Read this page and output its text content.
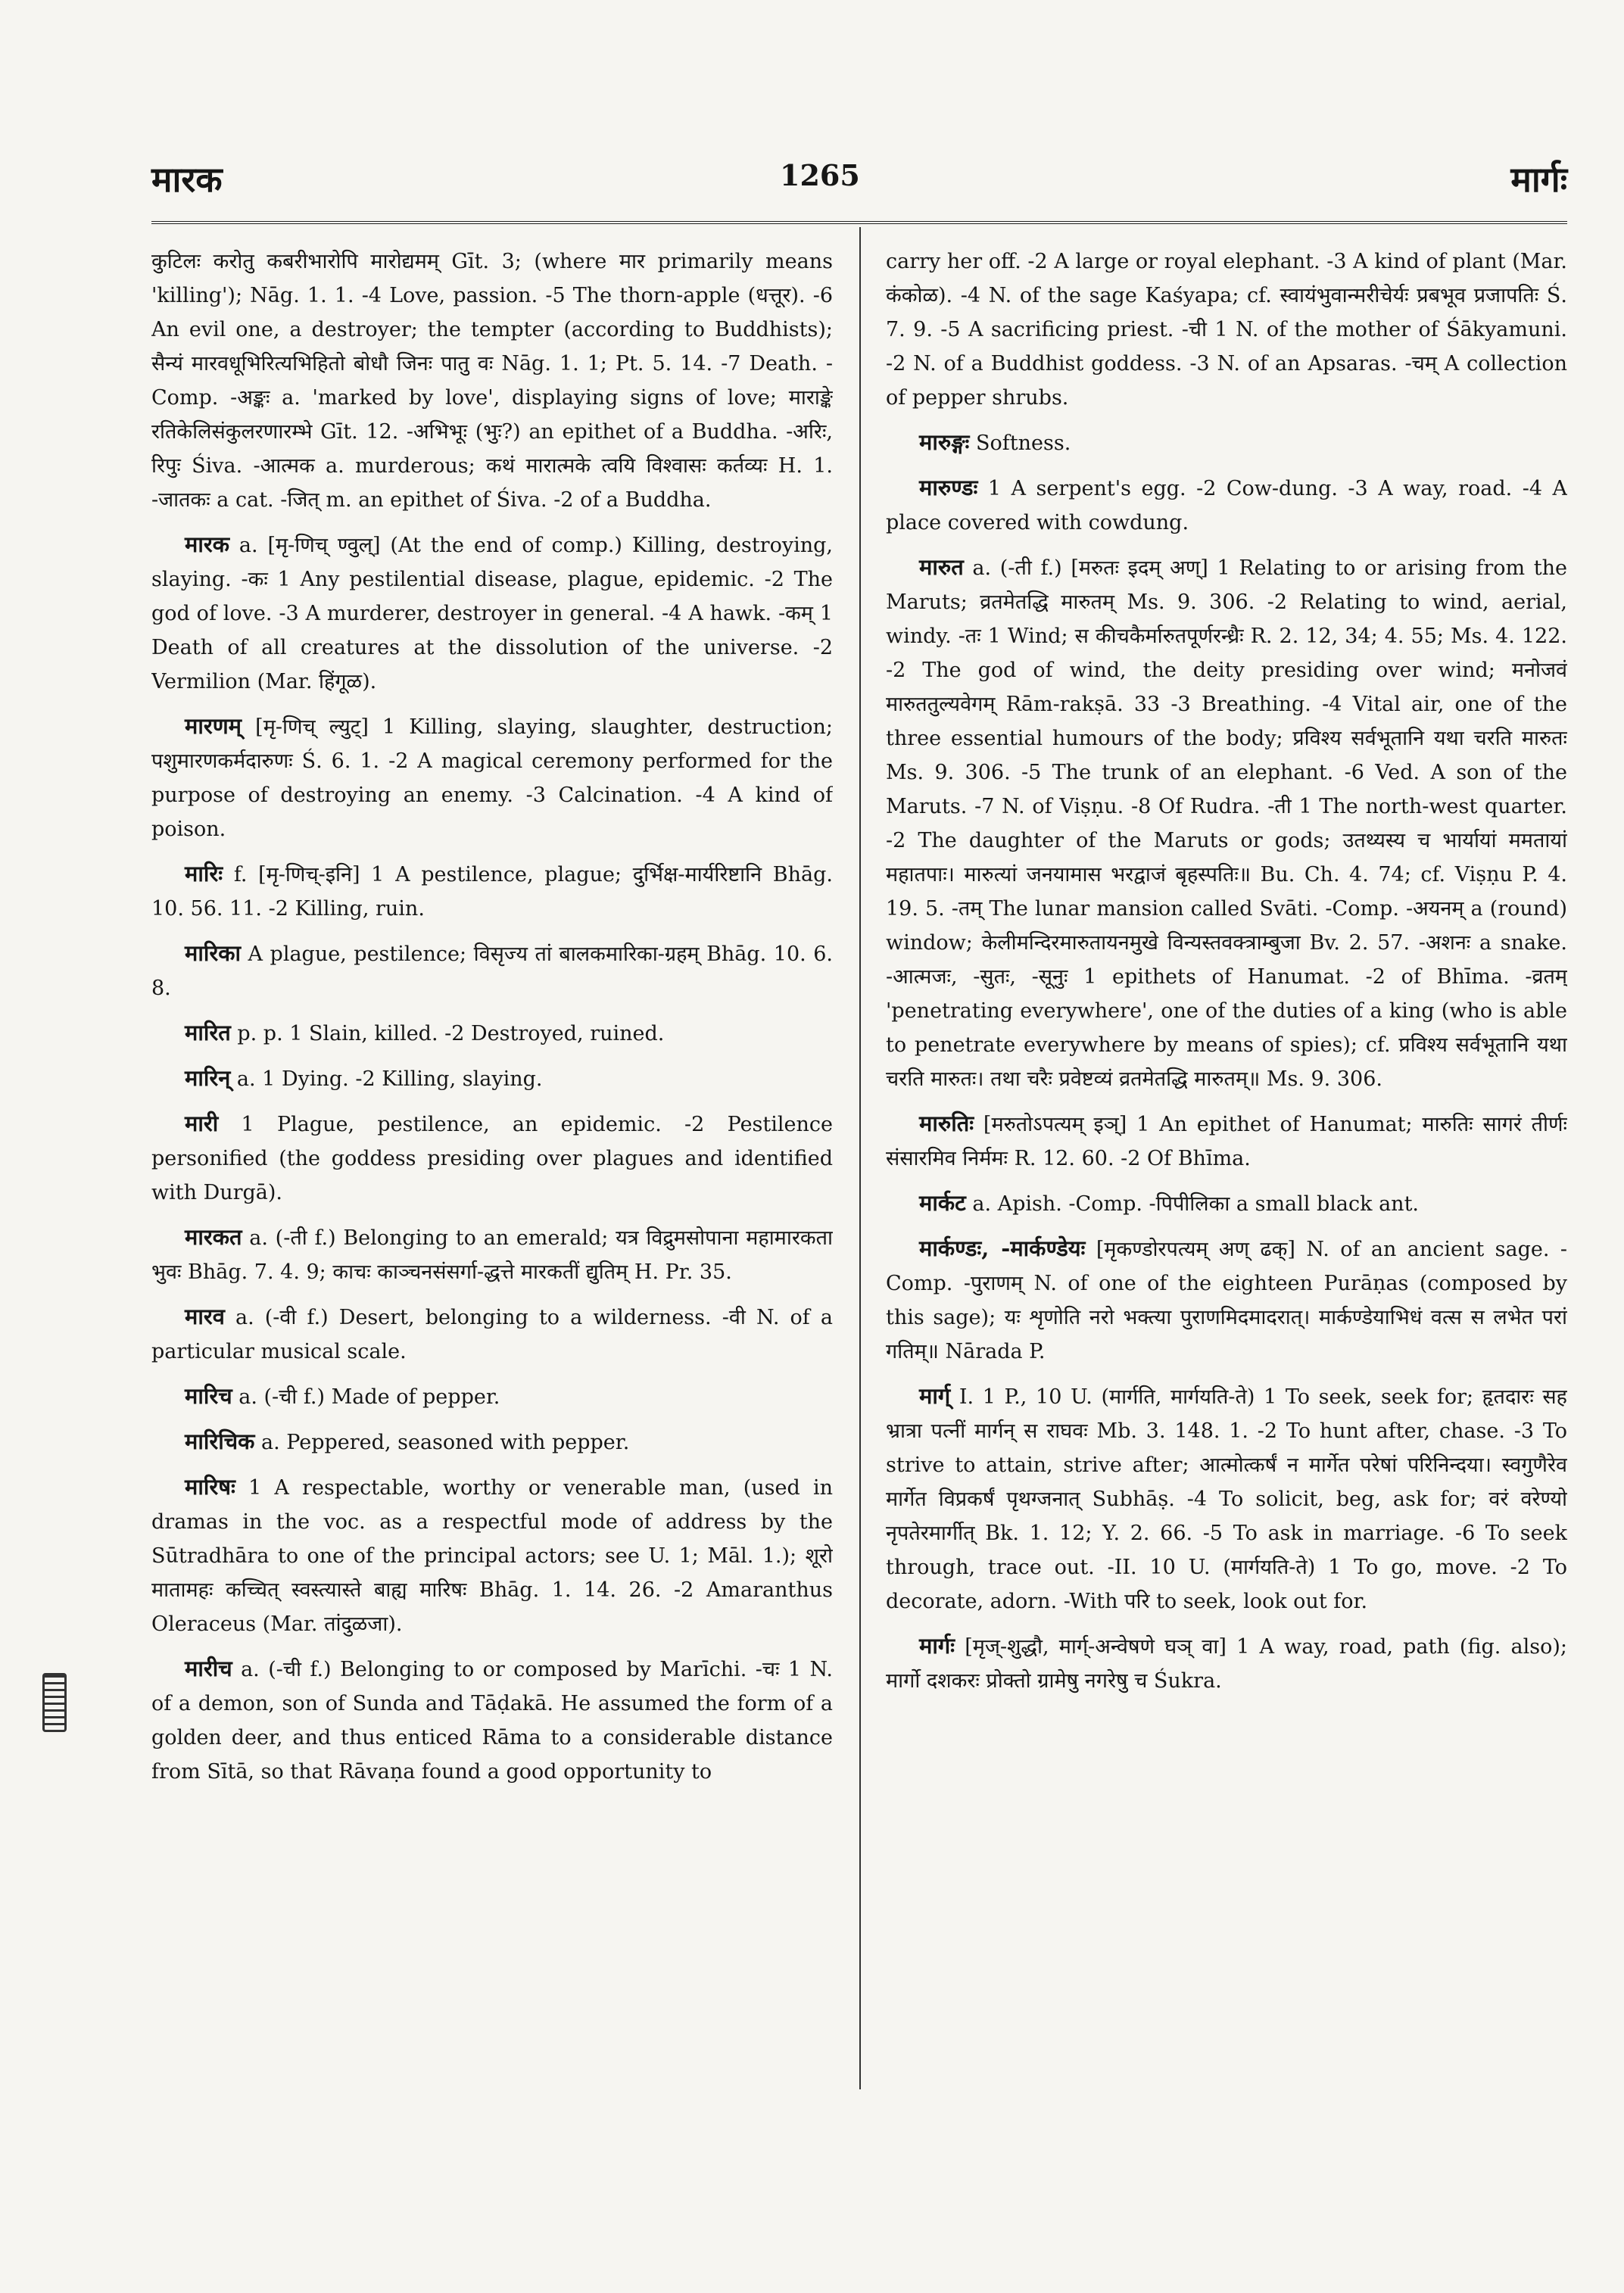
मारक	1265	मार्गः

कुटिलः करोतु कबरीभारोपि मारोद्यमम् Gīt. 3; (where मार primarily means 'killing'); Nāg. 1. 1. -4 Love, passion. -5 The thorn-apple (धत्तूर). -6 An evil one, a destroyer; the tempter (according to Buddhists); सैन्यं मारवधूभिरित्यभिहितो बोधौ जिनः पातु वः Nāg. 1. 1; Pt. 5. 14. -7 Death. -Comp. -अङ्कः a. 'marked by love', displaying signs of love; माराङ्के रतिकेलिसंकुलरणारम्भे Gīt. 12. -अभिभूः (भुः?) an epithet of a Buddha. -अरिः, रिपुः Śiva. -आत्मक a. murderous; कथं मारात्मके त्वयि विश्वासः कर्तव्यः H. 1. -जातकः a cat. -जित् m. an epithet of Śiva. -2 of a Buddha.

मारक a. [मृ-णिच् ण्वुल्] (At the end of comp.) Killing, destroying, slaying. -कः 1 Any pestilential disease, plague, epidemic. -2 The god of love. -3 A murderer, destroyer in general. -4 A hawk. -कम् 1 Death of all creatures at the dissolution of the universe. -2 Vermilion (Mar. हिंगूळ).

मारणम् [मृ-णिच् ल्युट्] 1 Killing, slaying, slaughter, destruction; पशुमारणकर्मदारुणः Ś. 6. 1. -2 A magical ceremony performed for the purpose of destroying an enemy. -3 Calcination. -4 A kind of poison.

मारिः f. [मृ-णिच्-इनि] 1 A pestilence, plague; दुर्भिक्ष-मार्यरिष्टानि Bhāg. 10. 56. 11. -2 Killing, ruin.

मारिका A plague, pestilence; विसृज्य तां बालकमारिका-ग्रहम् Bhāg. 10. 6. 8.

मारित p. p. 1 Slain, killed. -2 Destroyed, ruined.

मारिन् a. 1 Dying. -2 Killing, slaying.

मारी 1 Plague, pestilence, an epidemic. -2 Pestilence personified (the goddess presiding over plagues and identified with Durgā).

मारकत a. (-ती f.) Belonging to an emerald; यत्र विद्रुमसोपाना महामारकता भुवः Bhāg. 7. 4. 9; काचः काञ्चनसंसर्गा-द्धत्ते मारकतीं द्युतिम् H. Pr. 35.

मारव a. (-वी f.) Desert, belonging to a wilderness. -वी N. of a particular musical scale.

मारिच a. (-ची f.) Made of pepper.

मारिचिक a. Peppered, seasoned with pepper.

मारिषः 1 A respectable, worthy or venerable man, (used in dramas in the voc. as a respectful mode of address by the Sūtradhāra to one of the principal actors; see U. 1; Māl. 1.); शूरो मातामहः कच्चित् स्वस्त्यास्ते बाह्य मारिषः Bhāg. 1. 14. 26. -2 Amaranthus Oleraceus (Mar. तांदुळजा).

मारीच a. (-ची f.) Belonging to or composed by Marīchi. -चः 1 N. of a demon, son of Sunda and Tāḍakā. He assumed the form of a golden deer, and thus enticed Rāma to a considerable distance from Sītā, so that Rāvaṇa found a good opportunity to

carry her off. -2 A large or royal elephant. -3 A kind of plant (Mar. कंकोळ). -4 N. of the sage Kaśyapa; cf. स्वायंभुवान्मरीचेर्यः प्रबभूव प्रजापतिः Ś. 7. 9. -5 A sacrificing priest. -ची 1 N. of the mother of Śākyamuni. -2 N. of a Buddhist goddess. -3 N. of an Apsaras. -चम् A collection of pepper shrubs.

मारुङ्गः Softness.

मारुण्डः 1 A serpent's egg. -2 Cow-dung. -3 A way, road. -4 A place covered with cowdung.

मारुत a. (-ती f.) [मरुतः इदम् अण्] 1 Relating to or arising from the Maruts; व्रतमेतद्धि मारुतम् Ms. 9. 306. -2 Relating to wind, aerial, windy. -तः 1 Wind; स कीचकैर्मारुतपूर्णरन्ध्रैः R. 2. 12, 34; 4. 55; Ms. 4. 122. -2 The god of wind, the deity presiding over wind; मनोजवं मारुततुल्यवेगम् Rām-rakṣā. 33 -3 Breathing. -4 Vital air, one of the three essential humours of the body; प्रविश्य सर्वभूतानि यथा चरति मारुतः Ms. 9. 306. -5 The trunk of an elephant. -6 Ved. A son of the Maruts. -7 N. of Viṣṇu. -8 Of Rudra. -ती 1 The north-west quarter. -2 The daughter of the Maruts or gods; उतथ्यस्य च भार्यायां ममतायां महातपाः। मारुत्यां जनयामास भरद्वाजं बृहस्पतिः॥ Bu. Ch. 4. 74; cf. Viṣṇu P. 4. 19. 5. -तम् The lunar mansion called Svāti. -Comp. -अयनम् a (round) window; केलीमन्दिरमारुतायनमुखे विन्यस्तवक्त्राम्बुजा Bv. 2. 57. -अशनः a snake. -आत्मजः, -सुतः, -सूनुः 1 epithets of Hanumat. -2 of Bhīma. -व्रतम् 'penetrating everywhere', one of the duties of a king (who is able to penetrate everywhere by means of spies); cf. प्रविश्य सर्वभूतानि यथा चरति मारुतः। तथा चरैः प्रवेष्टव्यं व्रतमेतद्धि मारुतम्॥ Ms. 9. 306.

मारुतिः [मरुतोऽपत्यम् इञ्] 1 An epithet of Hanumat; मारुतिः सागरं तीर्णः संसारमिव निर्ममः R. 12. 60. -2 Of Bhīma.

मार्कट a. Apish. -Comp. -पिपीलिका a small black ant.

मार्कण्डः, -मार्कण्डेयः [मृकण्डोरपत्यम् अण् ढक्] N. of an ancient sage. -Comp. -पुराणम् N. of one of the eighteen Purāṇas (composed by this sage); यः शृणोति नरो भक्त्या पुराणमिदमादरात्। मार्कण्डेयाभिधं वत्स स लभेत परां गतिम्॥ Nārada P.

मार्ग् I. 1 P., 10 U. (मार्गति, मार्गयति-ते) 1 To seek, seek for; हृतदारः सह भ्रात्रा पत्नीं मार्गन् स राघवः Mb. 3. 148. 1. -2 To hunt after, chase. -3 To strive to attain, strive after; आत्मोत्कर्षं न मार्गेत परेषां परिनिन्दया। स्वगुणैरेव मार्गेत विप्रकर्षं पृथग्जनात् Subhāṣ. -4 To solicit, beg, ask for; वरं वरेण्यो नृपतेरमार्गीत् Bk. 1. 12; Y. 2. 66. -5 To ask in marriage. -6 To seek through, trace out. -II. 10 U. (मार्गयति-ते) 1 To go, move. -2 To decorate, adorn. -With परि to seek, look out for.

मार्गः [मृज्-शुद्धौ, मार्ग्-अन्वेषणे घञ् वा] 1 A way, road, path (fig. also); मार्गो दशकरः प्रोक्तो ग्रामेषु नगरेषु च Śukra.
